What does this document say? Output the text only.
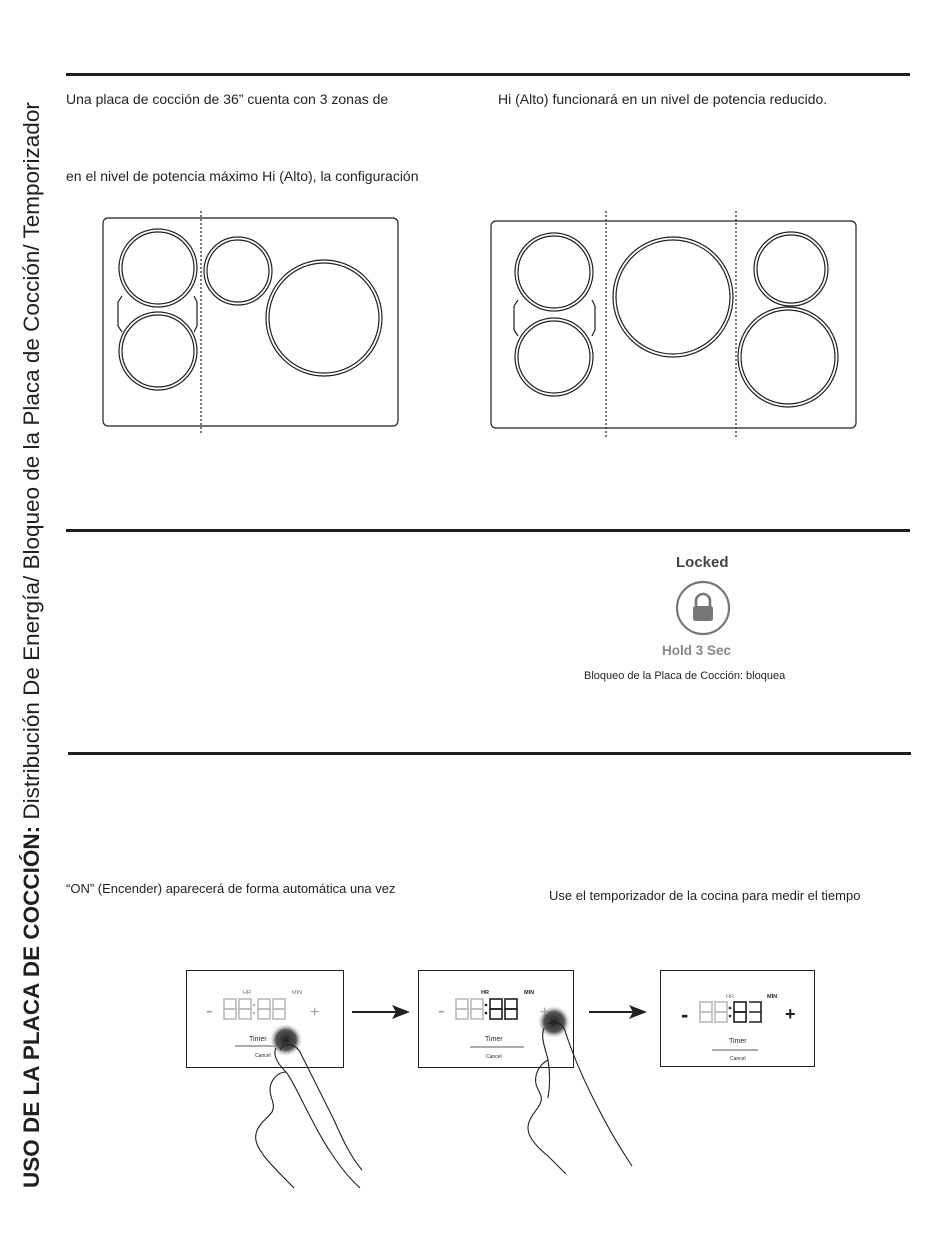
USO DE LA PLACA DE COCCIÓN: Distribución De Energía/ Bloqueo de la Placa de Cocción/ Temporizador
Una placa de cocción de 36” cuenta con 3 zonas de
en el nivel de potencia máximo Hi (Alto), la configuración
Hi (Alto) funcionará en un nivel de potencia reducido.
Locked
Hold 3 Sec
Bloqueo de la Placa de Cocción: bloquea
“ON” (Encender) aparecerá de forma automática una vez	Use el temporizador de la cocina para medir el tiempo
HR	MIN
-	+
Timer
Cancel
HR	MIN
-
Timer
Cancel
HR	MIN
-	+
Timer
Cancel
